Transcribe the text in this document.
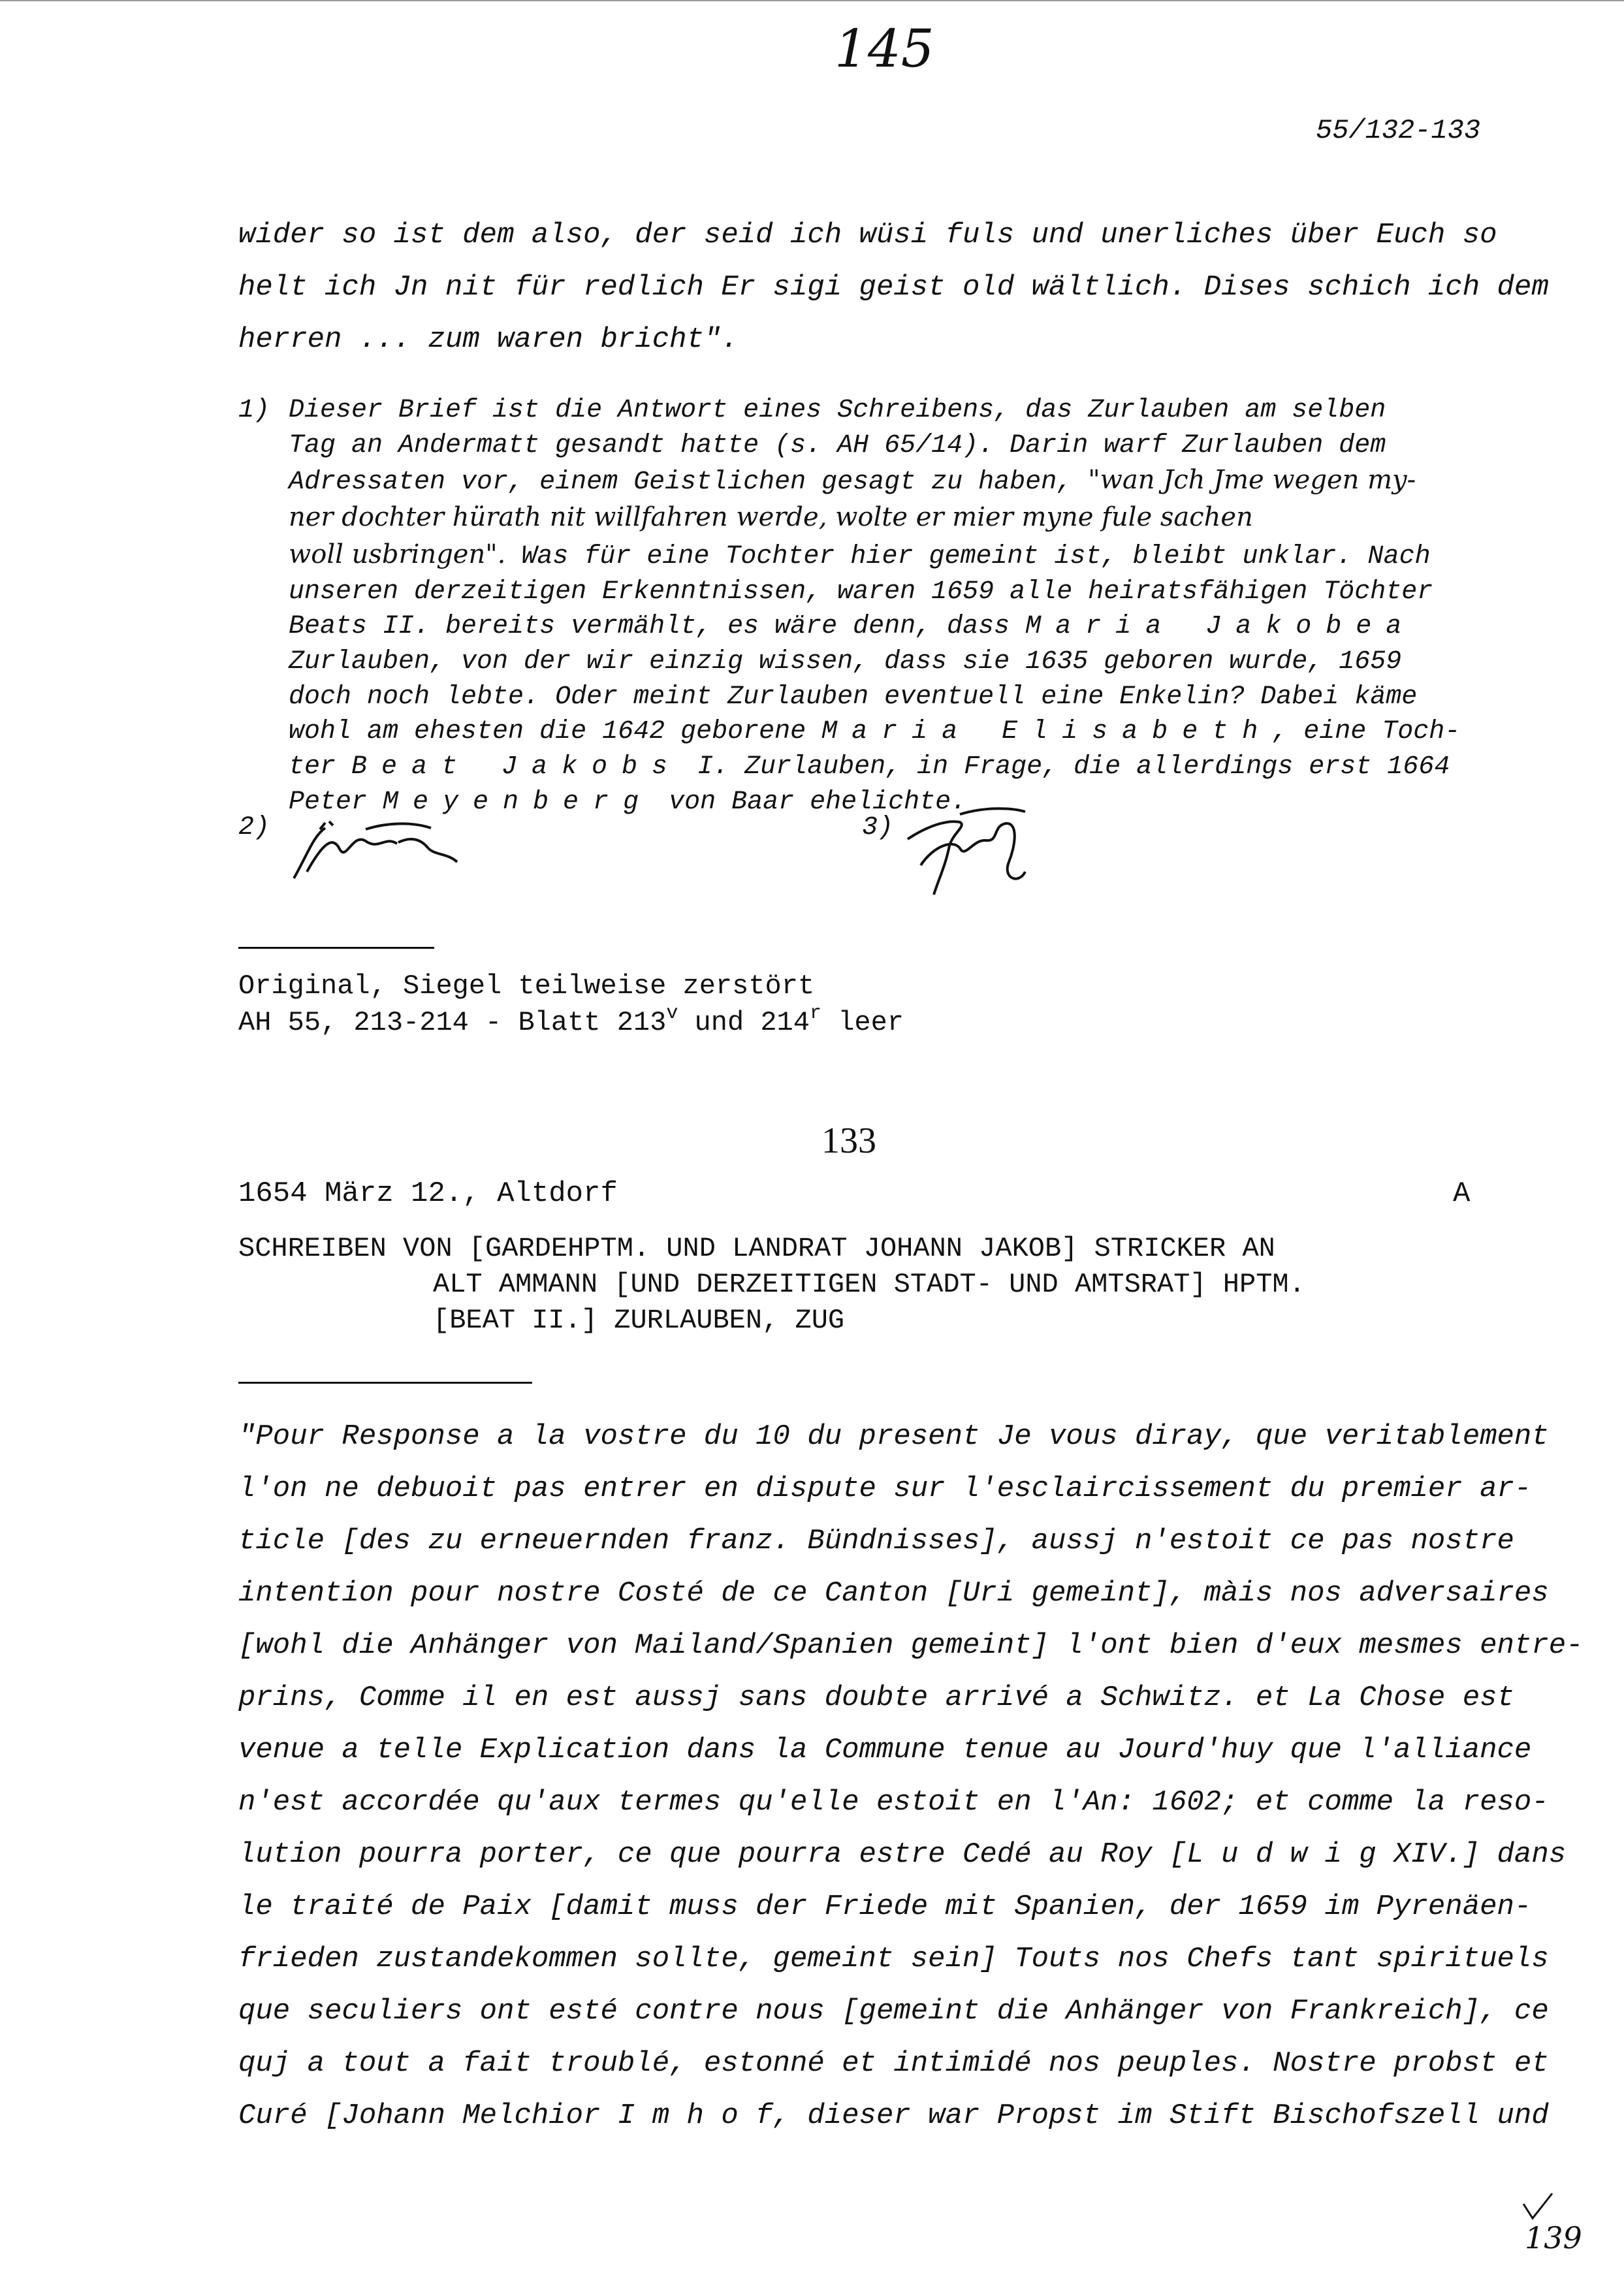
145
55/132-133
wider so ist dem also, der seid ich wüsi fuls und unerliches über Euch so
helt ich Jn nit für redlich Er sigi geist old wältlich. Dises schich ich dem
herren ... zum waren bricht".
1) Dieser Brief ist die Antwort eines Schreibens, das Zurlauben am selben
Tag an Andermatt gesandt hatte (s. AH 65/14). Darin warf Zurlauben dem
Adressaten vor, einem Geistlichen gesagt zu haben, "wan Jch Jme wegen my-
ner dochter hürath nit willfahren werde, wolte er mier myne fule sachen
woll usbringen". Was für eine Tochter hier gemeint ist, bleibt unklar. Nach
unseren derzeitigen Erkenntnissen, waren 1659 alle heiratsfähigen Töchter
Beats II. bereits vermählt, es wäre denn, dass Maria Jakobea
Zurlauben, von der wir einzig wissen, dass sie 1635 geboren wurde, 1659
doch noch lebte. Oder meint Zurlauben eventuell eine Enkelin? Dabei käme
wohl am ehesten die 1642 geborene Maria Elisabeth, eine Toch-
ter Beat Jakobs I. Zurlauben, in Frage, die allerdings erst 1664
Peter Meyenberg von Baar ehelichte.
2)	3)
Original, Siegel teilweise zerstört
AH 55, 213-214 - Blatt 213$^v$ und 214$^r$ leer
133
1654 März 12., Altdorf	A
SCHREIBEN VON [GARDEHPTM. UND LANDRAT JOHANN JAKOB] STRICKER AN
ALT AMMANN [UND DERZEITIGEN STADT- UND AMTSRAT] HPTM.
[BEAT II.] ZURLAUBEN, ZUG
"Pour Response a la vostre du 10 du present Je vous diray, que veritablement
l'on ne debuoit pas entrer en dispute sur l'esclaircissement du premier ar-
ticle [des zu erneuernden franz. Bündnisses], aussj n'estoit ce pas nostre
intention pour nostre Costé de ce Canton [Uri gemeint], màis nos adversaires
[wohl die Anhänger von Mailand/Spanien gemeint] l'ont bien d'eux mesmes entre-
prins, Comme il en est aussj sans doubte arrivé a Schwitz. et La Chose est
venue a telle Explication dans la Commune tenue au Jourd'huy que l'alliance
n'est accordée qu'aux termes qu'elle estoit en l'An: 1602; et comme la reso-
lution pourra porter, ce que pourra estre Cedé au Roy [L u d w i g XIV.] dans
le traité de Paix [damit muss der Friede mit Spanien, der 1659 im Pyrenäen-
frieden zustandekommen sollte, gemeint sein] Touts nos Chefs tant spirituels
que seculiers ont esté contre nous [gemeint die Anhänger von Frankreich], ce
quj a tout a fait troublé, estonné et intimidé nos peuples. Nostre probst et
Curé [Johann Melchior I m h o f, dieser war Propst im Stift Bischofszell und
139
